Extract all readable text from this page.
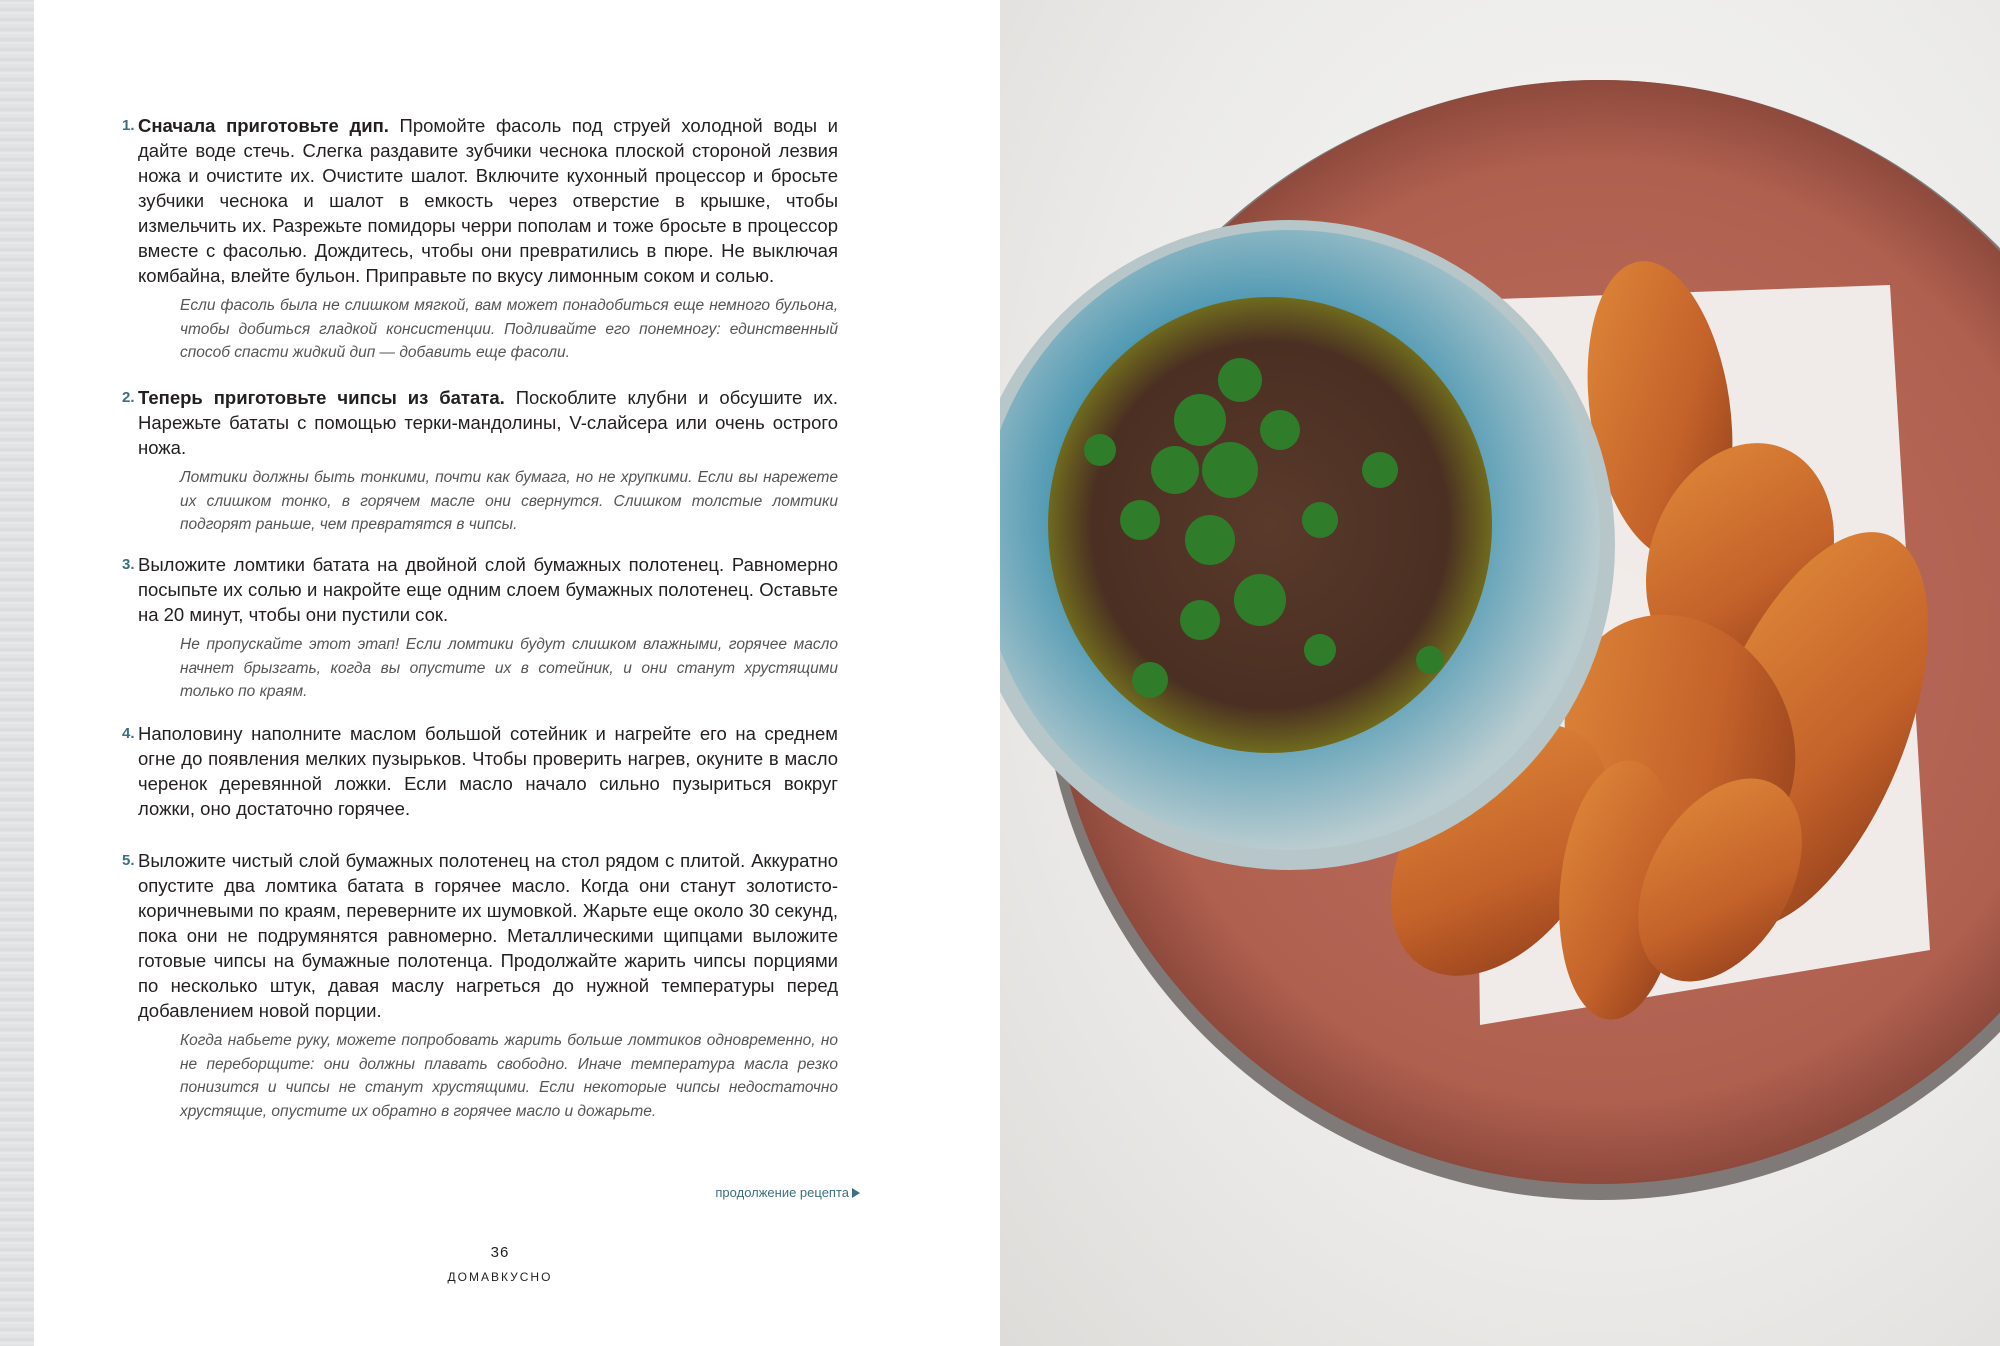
1. Сначала приготовьте дип. Промойте фасоль под струей холодной воды и дайте воде стечь. Слегка раздавите зубчики чеснока плоской стороной лезвия ножа и очистите их. Очистите шалот. Включите кухонный процессор и бросьте зубчики чеснока и шалот в емкость через отверстие в крышке, чтобы измельчить их. Разрежьте помидоры черри пополам и тоже бросьте в процессор вместе с фасолью. Дождитесь, чтобы они превратились в пюре. Не выключая комбайна, влейте бульон. Приправьте по вкусу лимонным соком и солью.
Если фасоль была не слишком мягкой, вам может понадобиться еще немного бульона, чтобы добиться гладкой консистенции. Подливайте его понемногу: единственный способ спасти жидкий дип — добавить еще фасоли.
2. Теперь приготовьте чипсы из батата. Поскоблите клубни и обсушите их. Нарежьте бататы с помощью терки-мандолины, V-слайсера или очень острого ножа.
Ломтики должны быть тонкими, почти как бумага, но не хрупкими. Если вы нарежете их слишком тонко, в горячем масле они свернутся. Слишком толстые ломтики подгорят раньше, чем превратятся в чипсы.
3. Выложите ломтики батата на двойной слой бумажных полотенец. Равномерно посыпьте их солью и накройте еще одним слоем бумажных полотенец. Оставьте на 20 минут, чтобы они пустили сок.
Не пропускайте этот этап! Если ломтики будут слишком влажными, горячее масло начнет брызгать, когда вы опустите их в сотейник, и они станут хрустящими только по краям.
4. Наполовину наполните маслом большой сотейник и нагрейте его на среднем огне до появления мелких пузырьков. Чтобы проверить нагрев, окуните в масло черенок деревянной ложки. Если масло начало сильно пузыриться вокруг ложки, оно достаточно горячее.
5. Выложите чистый слой бумажных полотенец на стол рядом с плитой. Аккуратно опустите два ломтика батата в горячее масло. Когда они станут золотисто-коричневыми по краям, переверните их шумовкой. Жарьте еще около 30 секунд, пока они не подрумянятся равномерно. Металлическими щипцами выложите готовые чипсы на бумажные полотенца. Продолжайте жарить чипсы порциями по несколько штук, давая маслу нагреться до нужной температуры перед добавлением новой порции.
Когда набьете руку, можете попробовать жарить больше ломтиков одновременно, но не переборщите: они должны плавать свободно. Иначе температура масла резко понизится и чипсы не станут хрустящими. Если некоторые чипсы недостаточно хрустящие, опустите их обратно в горячее масло и дожарьте.
продолжение рецепта
36
ДОМАВКУСНО
